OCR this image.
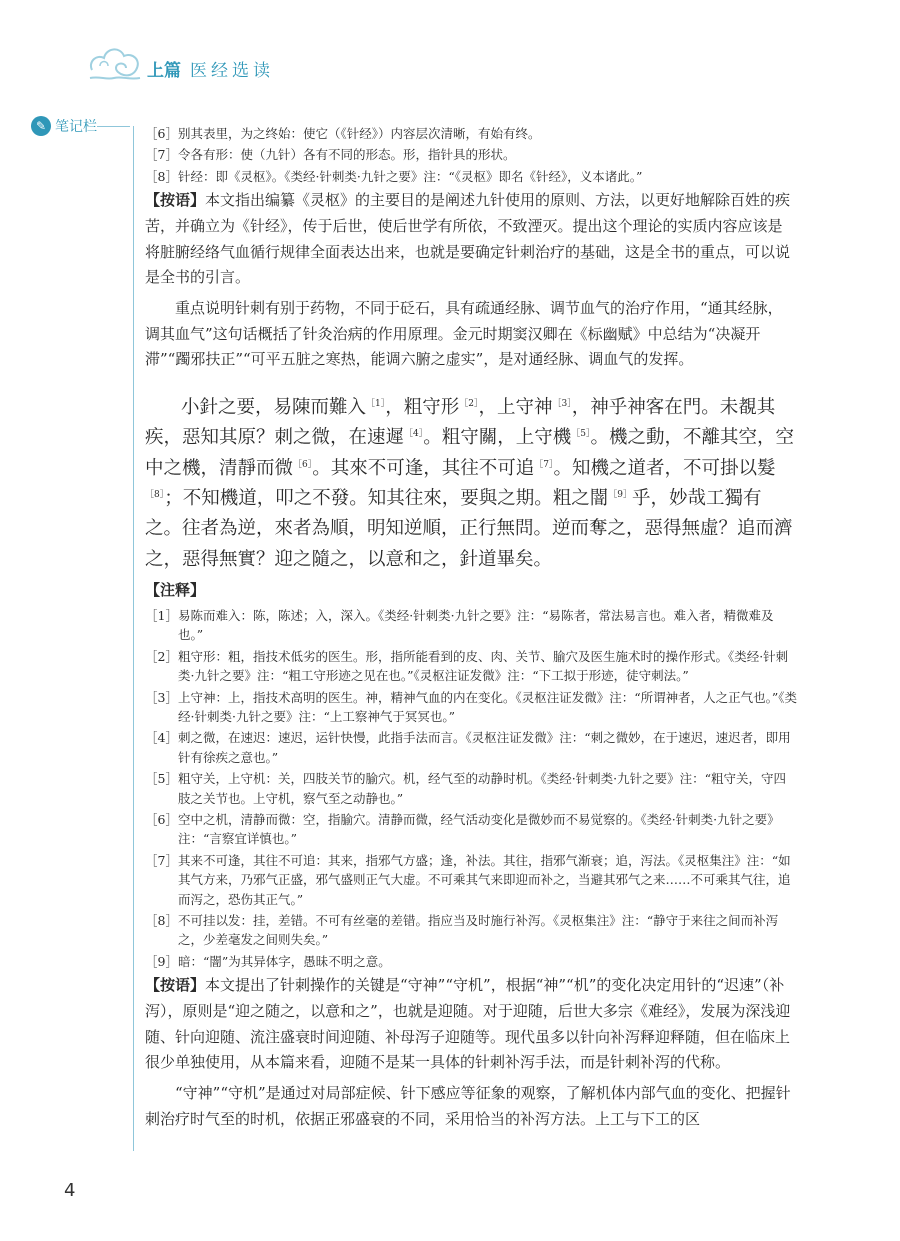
上篇 医经选读
✎ 笔记栏	［6］别其表里，为之终始：使它（《针经》）内容层次清晰，有始有终。

［7］令各有形：使（九针）各有不同的形态。形，指针具的形状。

［8］针经：即《灵枢》。《类经·针刺类·九针之要》注：“《灵枢》即名《针经》，义本诸此。”

【按语】本文指出编纂《灵枢》的主要目的是阐述九针使用的原则、方法，以更好地解除百姓的疾苦，并确立为《针经》，传于后世，使后世学有所依，不致湮灭。提出这个理论的实质内容应该是将脏腑经络气血循行规律全面表达出来，也就是要确定针刺治疗的基础，这是全书的重点，可以说是全书的引言。

重点说明针刺有别于药物，不同于砭石，具有疏通经脉、调节血气的治疗作用，“通其经脉，调其血气”这句话概括了针灸治病的作用原理。金元时期窦汉卿在《标幽赋》中总结为“决凝开滞”“躅邪扶正”“可平五脏之寒热，能调六腑之虚实”，是对通经脉、调血气的发挥。

小針之要，易陳而難入$^{[1]}$，粗守形$^{[2]}$，上守神$^{[3]}$，神乎神客在門。未覩其疾，惡知其原？刺之微，在速遲$^{[4]}$。粗守關，上守機$^{[5]}$。機之動，不離其空，空中之機，清靜而微$^{[6]}$。其來不可逢，其往不可追$^{[7]}$。知機之道者，不可掛以髮$^{[8]}$；不知機道，叩之不發。知其往來，要與之期。粗之闇$^{[9]}$乎，妙哉工獨有之。往者為逆，來者為順，明知逆順，正行無問。逆而奪之，惡得無虛？追而濟之，惡得無實？迎之隨之，以意和之，針道畢矣。

【注释】

［1］易陈而难入：陈，陈述；入，深入。《类经·针刺类·九针之要》注：“易陈者，常法易言也。难入者，精微难及也。”

［2］粗守形：粗，指技术低劣的医生。形，指所能看到的皮、肉、关节、腧穴及医生施术时的操作形式。《类经·针刺类·九针之要》注：“粗工守形迹之见在也。”《灵枢注证发微》注：“下工拟于形迹，徒守刺法。”

［3］上守神：上，指技术高明的医生。神，精神气血的内在变化。《灵枢注证发微》注：“所谓神者，人之正气也。”《类经·针刺类·九针之要》注：“上工察神气于冥冥也。”

［4］刺之微，在速迟：速迟，运针快慢，此指手法而言。《灵枢注证发微》注：“刺之微妙，在于速迟，速迟者，即用针有徐疾之意也。”

［5］粗守关，上守机：关，四肢关节的腧穴。机，经气至的动静时机。《类经·针刺类·九针之要》注：“粗守关，守四肢之关节也。上守机，察气至之动静也。”

［6］空中之机，清静而微：空，指腧穴。清静而微，经气活动变化是微妙而不易觉察的。《类经·针刺类·九针之要》注：“言察宜详慎也。”

［7］其来不可逢，其往不可追：其来，指邪气方盛；逢，补法。其往，指邪气渐衰；追，泻法。《灵枢集注》注：“如其气方来，乃邪气正盛，邪气盛则正气大虚。不可乘其气来即迎而补之，当避其邪气之来……不可乘其气往，追而泻之，恐伤其正气。”

［8］不可挂以发：挂，差错。不可有丝毫的差错。指应当及时施行补泻。《灵枢集注》注：“静守于来往之间而补泻之，少差毫发之间则失矣。”

［9］暗：“闇”为其异体字，愚昧不明之意。

【按语】本文提出了针刺操作的关键是“守神”“守机”，根据“神”“机”的变化决定用针的“迟速”（补泻），原则是“迎之随之，以意和之”，也就是迎随。对于迎随，后世大多宗《难经》，发展为深浅迎随、针向迎随、流注盛衰时间迎随、补母泻子迎随等。现代虽多以针向补泻释迎释随，但在临床上很少单独使用，从本篇来看，迎随不是某一具体的针刺补泻手法，而是针刺补泻的代称。

“守神”“守机”是通过对局部症候、针下感应等征象的观察，了解机体内部气血的变化、把握针刺治疗时气至的时机，依据正邪盛衰的不同，采用恰当的补泻方法。上工与下工的区

4
